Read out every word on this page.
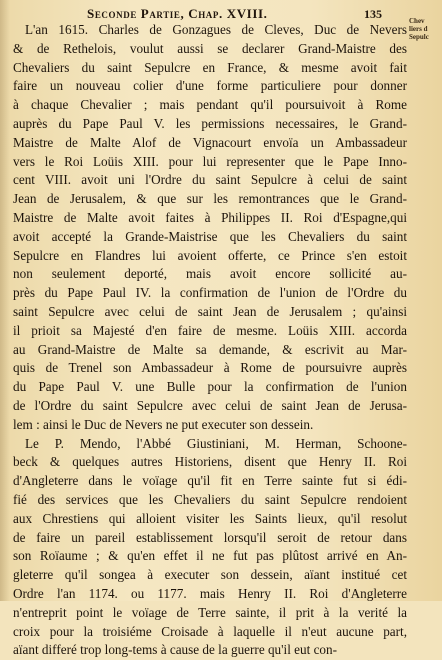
Seconde Partie, Chap. XVIII.	135	Chev
liers d
Sepulc
L'an 1615. Charles de Gonzagues de Cleves, Duc de Nevers
& de Rethelois, voulut aussi se declarer Grand-Maistre des
Chevaliers du saint Sepulcre en France, & mesme avoit fait
faire un nouveau colier d'une forme particuliere pour donner
à chaque Chevalier ; mais pendant qu'il poursuivoit à Rome
auprès du Pape Paul V. les permissions necessaires, le Grand-
Maistre de Malte Alof de Vignacourt envoïa un Ambassadeur
vers le Roi Loüis XIII. pour lui representer que le Pape Inno-
cent VIII. avoit uni l'Ordre du saint Sepulcre à celui de saint
Jean de Jerusalem, & que sur les remontrances que le Grand-
Maistre de Malte avoit faites à Philippes II. Roi d'Espagne,qui
avoit accepté la Grande-Maistrise que les Chevaliers du saint
Sepulcre en Flandres lui avoient offerte, ce Prince s'en estoit
non seulement deporté, mais avoit encore sollicité au-
près du Pape Paul IV. la confirmation de l'union de l'Ordre du
saint Sepulcre avec celui de saint Jean de Jerusalem ; qu'ainsi
il prioit sa Majesté d'en faire de mesme. Loüis XIII. accorda
au Grand-Maistre de Malte sa demande, & escrivit au Mar-
quis de Trenel son Ambassadeur à Rome de poursuivre auprès
du Pape Paul V. une Bulle pour la confirmation de l'union
de l'Ordre du saint Sepulcre avec celui de saint Jean de Jerusa-
lem : ainsi le Duc de Nevers ne put executer son dessein.
Le P. Mendo, l'Abbé Giustiniani, M. Herman, Schoone-
beck & quelques autres Historiens, disent que Henry II. Roi
d'Angleterre dans le voïage qu'il fit en Terre sainte fut si édi-
fié des services que les Chevaliers du saint Sepulcre rendoient
aux Chrestiens qui alloient visiter les Saints lieux, qu'il resolut
de faire un pareil establissement lorsqu'il seroit de retour dans
son Roïaume ; & qu'en effet il ne fut pas plûtost arrivé en An-
gleterre qu'il songea à executer son dessein, aïant institué cet
Ordre l'an 1174. ou 1177. mais Henry II. Roi d'Angleterre
n'entreprit point le voïage de Terre sainte, il prit à la verité la
croix pour la troisiéme Croisade à laquelle il n'eut aucune part,
aïant differé trop long-tems à cause de la guerre qu'il eut con-
